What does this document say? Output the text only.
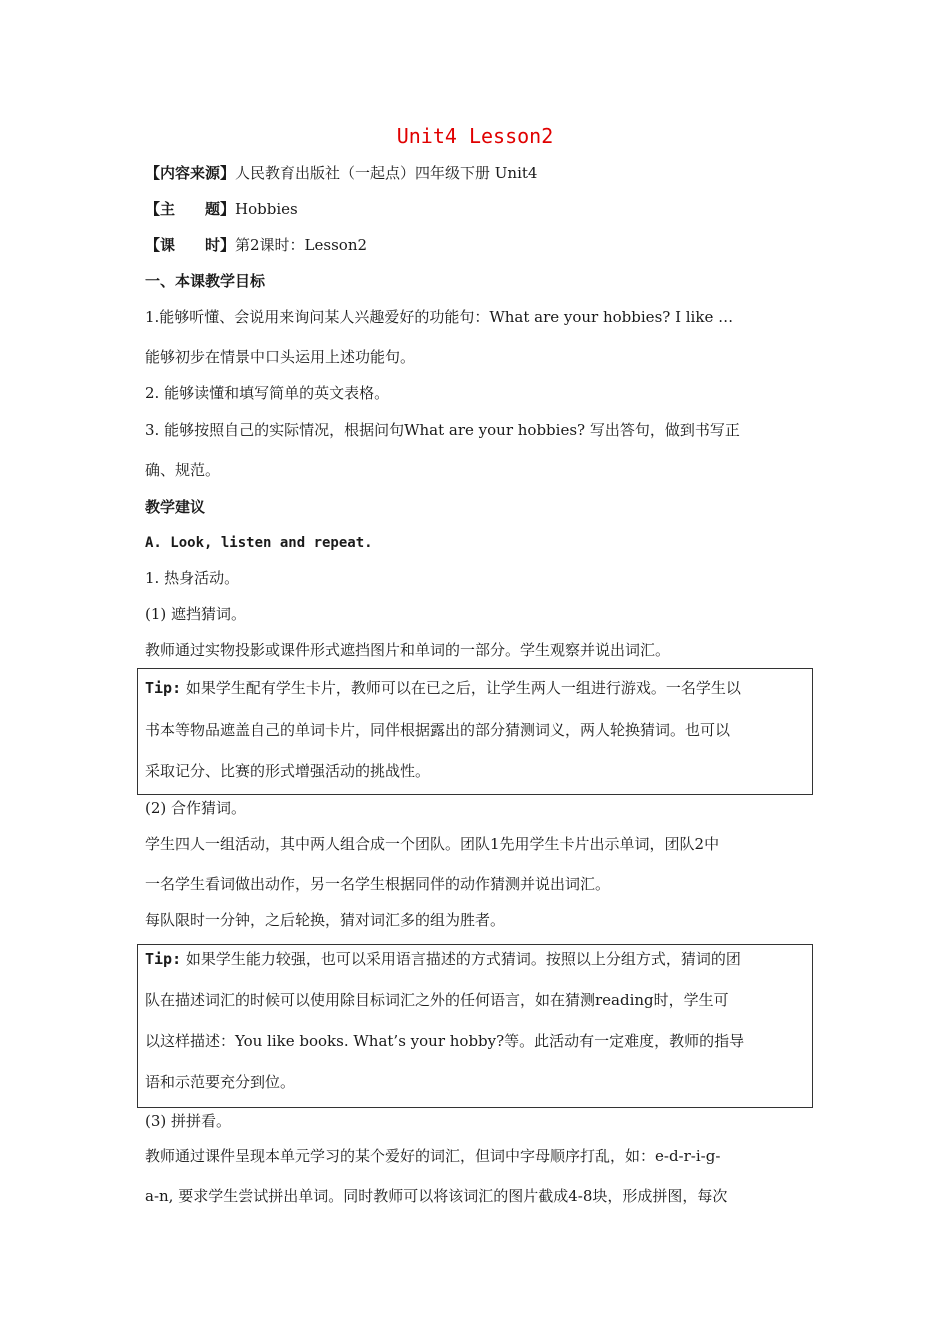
Unit4 Lesson2
【内容来源】人民教育出版社（一起点）四年级下册 Unit4
【主　　题】Hobbies
【课　　时】第2课时：Lesson2
一、本课教学目标
1.能够听懂、会说用来询问某人兴趣爱好的功能句：What are your hobbies? I like …
能够初步在情景中口头运用上述功能句。
2. 能够读懂和填写简单的英文表格。
3. 能够按照自己的实际情况，根据问句What are your hobbies? 写出答句，做到书写正
确、规范。
教学建议
A. Look, listen and repeat.
1. 热身活动。
(1) 遮挡猜词。
教师通过实物投影或课件形式遮挡图片和单词的一部分。学生观察并说出词汇。
Tip: 如果学生配有学生卡片，教师可以在已之后，让学生两人一组进行游戏。一名学生以
书本等物品遮盖自己的单词卡片，同伴根据露出的部分猜测词义，两人轮换猜词。也可以
采取记分、比赛的形式增强活动的挑战性。
(2) 合作猜词。
学生四人一组活动，其中两人组合成一个团队。团队1先用学生卡片出示单词，团队2中
一名学生看词做出动作，另一名学生根据同伴的动作猜测并说出词汇。
每队限时一分钟，之后轮换，猜对词汇多的组为胜者。
Tip: 如果学生能力较强，也可以采用语言描述的方式猜词。按照以上分组方式，猜词的团
队在描述词汇的时候可以使用除目标词汇之外的任何语言，如在猜测reading时，学生可
以这样描述：You like books. What’s your hobby?等。此活动有一定难度，教师的指导
语和示范要充分到位。
(3) 拼拼看。
教师通过课件呈现本单元学习的某个爱好的词汇，但词中字母顺序打乱，如：e-d-r-i-g-
a-n, 要求学生尝试拼出单词。同时教师可以将该词汇的图片截成4-8块，形成拼图，每次
